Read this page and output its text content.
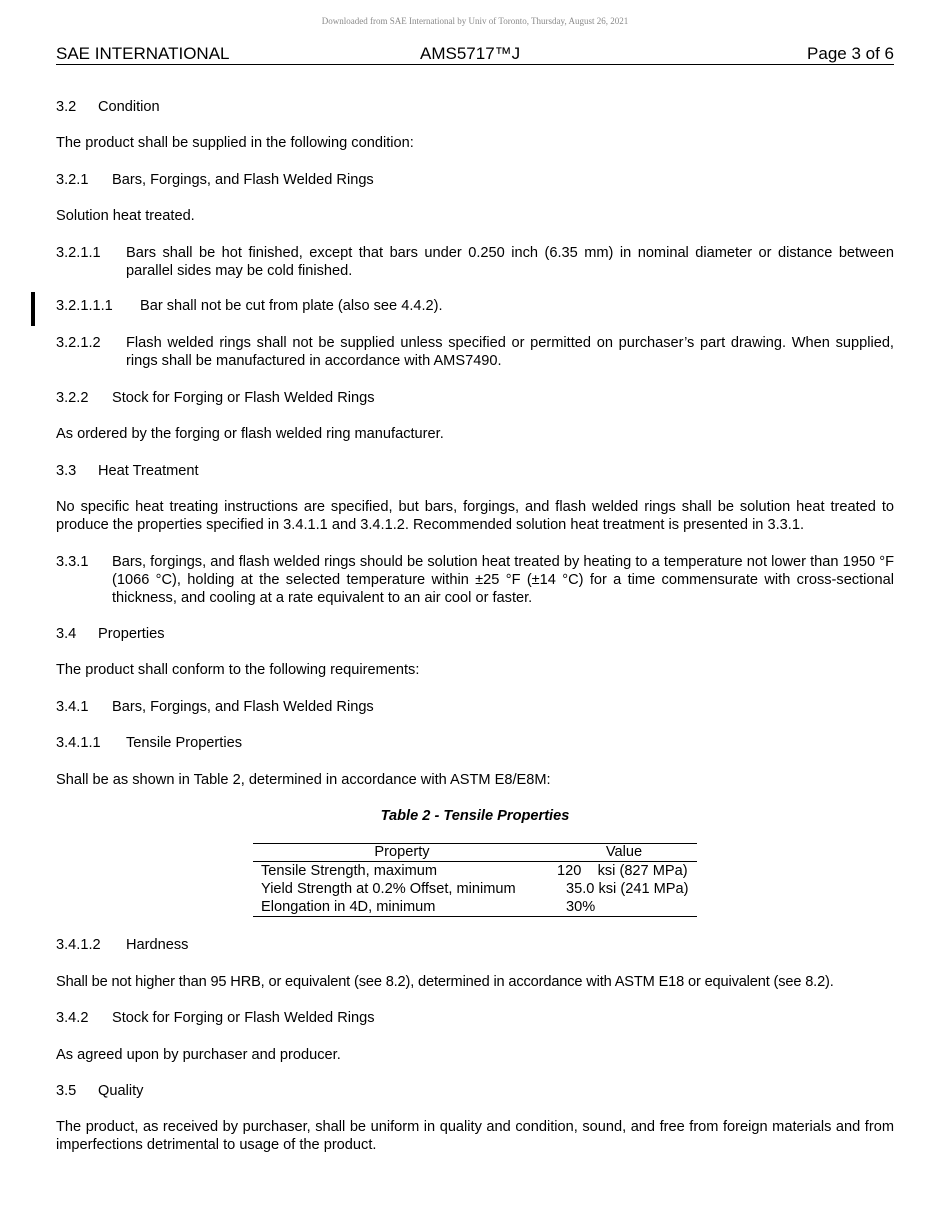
Downloaded from SAE International by Univ of Toronto, Thursday, August 26, 2021
SAE INTERNATIONAL	AMS5717™J	Page 3 of 6
3.2 Condition

The product shall be supplied in the following condition:

3.2.1 Bars, Forgings, and Flash Welded Rings

Solution heat treated.

3.2.1.1 Bars shall be hot finished, except that bars under 0.250 inch (6.35 mm) in nominal diameter or distance between parallel sides may be cold finished.
3.2.1.1.1 Bar shall not be cut from plate (also see 4.4.2).
3.2.1.2 Flash welded rings shall not be supplied unless specified or permitted on purchaser’s part drawing. When supplied, rings shall be manufactured in accordance with AMS7490.
3.2.2 Stock for Forging or Flash Welded Rings

As ordered by the forging or flash welded ring manufacturer.

3.3 Heat Treatment

No specific heat treating instructions are specified, but bars, forgings, and flash welded rings shall be solution heat treated to produce the properties specified in 3.4.1.1 and 3.4.1.2. Recommended solution heat treatment is presented in 3.3.1.

3.3.1 Bars, forgings, and flash welded rings should be solution heat treated by heating to a temperature not lower than 1950 °F (1066 °C), holding at the selected temperature within ±25 °F (±14 °C) for a time commensurate with cross-sectional thickness, and cooling at a rate equivalent to an air cool or faster.
3.4 Properties

The product shall conform to the following requirements:

3.4.1 Bars, Forgings, and Flash Welded Rings
3.4.1.1 Tensile Properties

Shall be as shown in Table 2, determined in accordance with ASTM E8/E8M:

Table 2 - Tensile Properties
Property	Value
Tensile Strength, maximum	120    ksi (827 MPa)
Yield Strength at 0.2% Offset, minimum	35.0 ksi (241 MPa)
Elongation in 4D, minimum	30%
3.4.1.2 Hardness

Shall be not higher than 95 HRB, or equivalent (see 8.2), determined in accordance with ASTM E18 or equivalent (see 8.2).

3.4.2 Stock for Forging or Flash Welded Rings

As agreed upon by purchaser and producer.

3.5 Quality

The product, as received by purchaser, shall be uniform in quality and condition, sound, and free from foreign materials and from imperfections detrimental to usage of the product.
